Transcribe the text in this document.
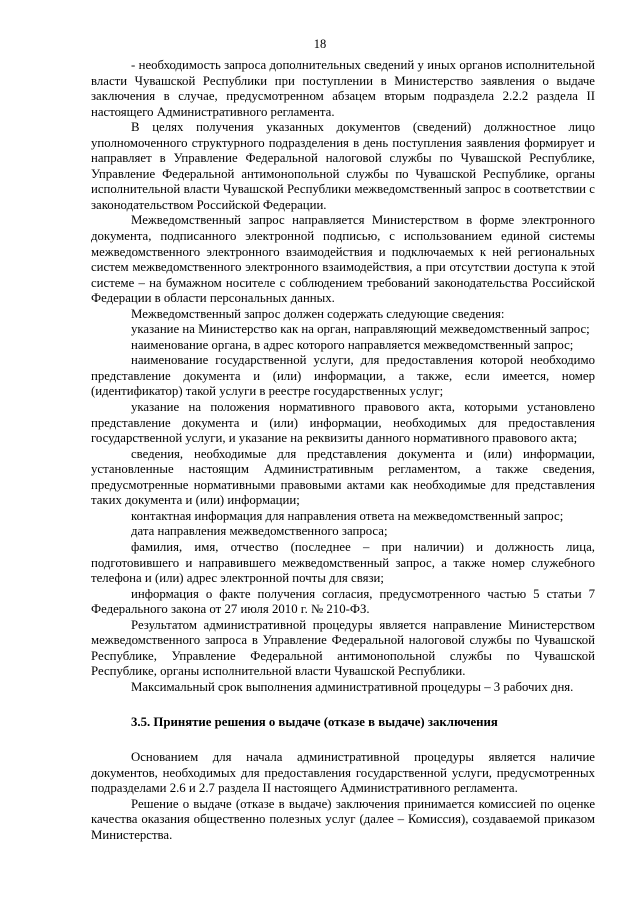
18

- необходимость запроса дополнительных сведений у иных органов исполнительной власти Чувашской Республики при поступлении в Министерство заявления о выдаче заключения в случае, предусмотренном абзацем вторым подраздела 2.2.2 раздела II настоящего Административного регламента.

В целях получения указанных документов (сведений) должностное лицо уполномоченного структурного подразделения в день поступления заявления формирует и направляет в Управление Федеральной налоговой службы по Чувашской Республике, Управление Федеральной антимонопольной службы по Чувашской Республике, органы исполнительной власти Чувашской Республики межведомственный запрос в соответствии с законодательством Российской Федерации.

Межведомственный запрос направляется Министерством в форме электронного документа, подписанного электронной подписью, с использованием единой системы межведомственного электронного взаимодействия и подключаемых к ней региональных систем межведомственного электронного взаимодействия, а при отсутствии доступа к этой системе – на бумажном носителе с соблюдением требований законодательства Российской Федерации в области персональных данных.

Межведомственный запрос должен содержать следующие сведения:

указание на Министерство как на орган, направляющий межведомственный запрос;

наименование органа, в адрес которого направляется межведомственный запрос;

наименование государственной услуги, для предоставления которой необходимо представление документа и (или) информации, а также, если имеется, номер (идентификатор) такой услуги в реестре государственных услуг;

указание на положения нормативного правового акта, которыми установлено представление документа и (или) информации, необходимых для предоставления государственной услуги, и указание на реквизиты данного нормативного правового акта;

сведения, необходимые для представления документа и (или) информации, установленные настоящим Административным регламентом, а также сведения, предусмотренные нормативными правовыми актами как необходимые для представления таких документа и (или) информации;

контактная информация для направления ответа на межведомственный запрос;

дата направления межведомственного запроса;

фамилия, имя, отчество (последнее – при наличии) и должность лица, подготовившего и направившего межведомственный запрос, а также номер служебного телефона и (или) адрес электронной почты для связи;

информация о факте получения согласия, предусмотренного частью 5 статьи 7 Федерального закона от 27 июля 2010 г. № 210-ФЗ.

Результатом административной процедуры является направление Министерством межведомственного запроса в Управление Федеральной налоговой службы по Чувашской Республике, Управление Федеральной антимонопольной службы по Чувашской Республике, органы исполнительной власти Чувашской Республики.

Максимальный срок выполнения административной процедуры – 3 рабочих дня.

3.5. Принятие решения о выдаче (отказе в выдаче) заключения

Основанием для начала административной процедуры является наличие документов, необходимых для предоставления государственной услуги, предусмотренных подразделами 2.6 и 2.7 раздела II настоящего Административного регламента.

Решение о выдаче (отказе в выдаче) заключения принимается комиссией по оценке качества оказания общественно полезных услуг (далее – Комиссия), создаваемой приказом Министерства.
